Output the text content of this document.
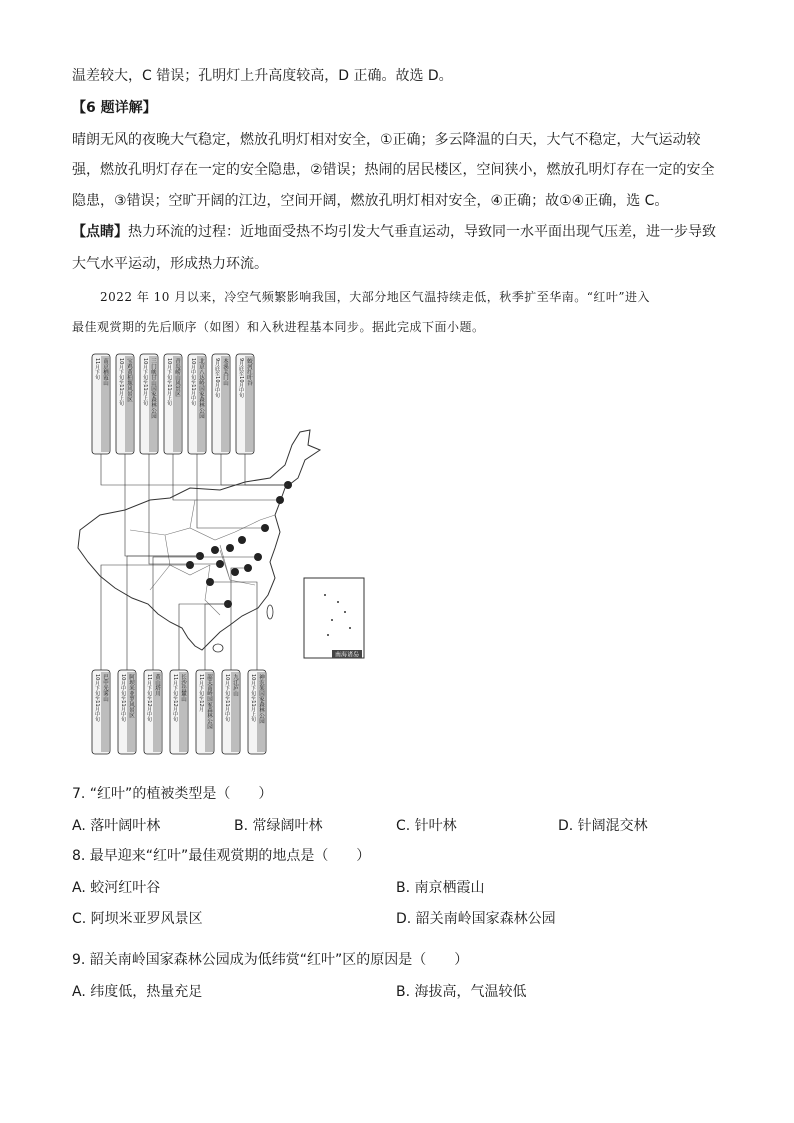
温差较大，C 错误；孔明灯上升高度较高，D 正确。故选 D。
【6 题详解】
晴朗无风的夜晚大气稳定，燃放孔明灯相对安全，①正确；多云降温的白天，大气不稳定，大气运动较
强，燃放孔明灯存在一定的安全隐患，②错误；热闹的居民楼区，空间狭小，燃放孔明灯存在一定的安全
隐患，③错误；空旷开阔的江边，空间开阔，燃放孔明灯相对安全，④正确；故①④正确，选 C。
【点睛】热力环流的过程：近地面受热不均引发大气垂直运动，导致同一水平面出现气压差，进一步导致
大气水平运动，形成热力环流。
2022 年 10 月以来，冷空气频繁影响我国，大部分地区气温持续走低，秋季扩至华南。“红叶”进入
最佳观赏期的先后顺序（如图）和入秋进程基本同步。据此完成下面小题。
南海诸岛
11月下旬 南京栖霞山 10月下旬至11月上旬 宝鸡黄柏塬风景区 10月下旬至11月上旬 三门峡甘山国家森林公园 10月下旬至11月上旬 青岛崂山风景区 10月中旬至11月中旬 北京八达岭国家森林公园 9月底至10月中旬 本溪关门山 9月底至10月中旬 蛟河红叶谷
10月下旬至11月中旬 巴中光雾山 10月中旬至11月中旬 阿坝米亚罗风景区 11月下旬至12月中旬 黄山塔川 11月下旬至12月中旬 长沙岳麓山 11月下旬至12月 韶关南岭国家森林公园 10月下旬至11月中旬 九江庐山 10月下旬至11月上旬 神农架国家森林公园
7. “红叶”的植被类型是（　　）
A. 落叶阔叶林	B. 常绿阔叶林	C. 针叶林	D. 针阔混交林
8. 最早迎来“红叶”最佳观赏期的地点是（　　）
A. 蛟河红叶谷	B. 南京栖霞山
C. 阿坝米亚罗风景区	D. 韶关南岭国家森林公园
9. 韶关南岭国家森林公园成为低纬赏“红叶”区的原因是（　　）
A. 纬度低，热量充足	B. 海拔高，气温较低
